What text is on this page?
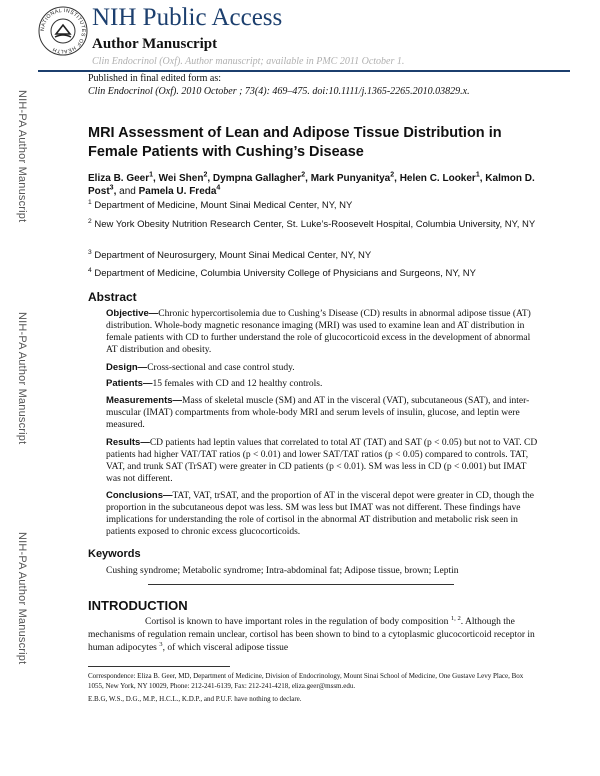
NIH-PA Author Manuscript
NIH-PA Author Manuscript
NIH-PA Author Manuscript
NATIONAL INSTITUTES OF HEALTH
NIH Public Access
Author Manuscript
Clin Endocrinol (Oxf). Author manuscript; available in PMC 2011 October 1.
Published in final edited form as:
Clin Endocrinol (Oxf). 2010 October ; 73(4): 469–475. doi:10.1111/j.1365-2265.2010.03829.x.
MRI Assessment of Lean and Adipose Tissue Distribution in Female Patients with Cushing’s Disease
Eliza B. Geer$^1$, Wei Shen$^2$, Dympna Gallagher$^2$, Mark Punyanitya$^2$, Helen C. Looker$^1$, Kalmon D. Post$^3$, and Pamela U. Freda$^4$
$^1$ Department of Medicine, Mount Sinai Medical Center, NY, NY
$^2$ New York Obesity Nutrition Research Center, St. Luke’s-Roosevelt Hospital, Columbia University, NY, NY
$^3$ Department of Neurosurgery, Mount Sinai Medical Center, NY, NY
$^4$ Department of Medicine, Columbia University College of Physicians and Surgeons, NY, NY
Abstract
Objective—Chronic hypercortisolemia due to Cushing’s Disease (CD) results in abnormal adipose tissue (AT) distribution. Whole-body magnetic resonance imaging (MRI) was used to examine lean and AT distribution in female patients with CD to further understand the role of glucocorticoid excess in the development of abnormal AT distribution and obesity.
Design—Cross-sectional and case control study.
Patients—15 females with CD and 12 healthy controls.
Measurements—Mass of skeletal muscle (SM) and AT in the visceral (VAT), subcutaneous (SAT), and inter-muscular (IMAT) compartments from whole-body MRI and serum levels of insulin, glucose, and leptin were measured.
Results—CD patients had leptin values that correlated to total AT (TAT) and SAT (p < 0.05) but not to VAT. CD patients had higher VAT/TAT ratios (p < 0.01) and lower SAT/TAT ratios (p < 0.05) compared to controls. TAT, VAT, and trunk SAT (TrSAT) were greater in CD patients (p < 0.01). SM was less in CD (p < 0.001) but IMAT was not different.
Conclusions—TAT, VAT, trSAT, and the proportion of AT in the visceral depot were greater in CD, though the proportion in the subcutaneous depot was less. SM was less but IMAT was not different. These findings have implications for understanding the role of cortisol in the abnormal AT distribution and metabolic risk seen in patients exposed to chronic excess glucocorticoids.
Keywords
Cushing syndrome; Metabolic syndrome; Intra-abdominal fat; Adipose tissue, brown; Leptin
INTRODUCTION
Cortisol is known to have important roles in the regulation of body composition $^{1, 2}$. Although the mechanisms of regulation remain unclear, cortisol has been shown to bind to a cytoplasmic glucocorticoid receptor in human adipocytes $^3$, of which visceral adipose tissue
Correspondence: Eliza B. Geer, MD, Department of Medicine, Division of Endocrinology, Mount Sinai School of Medicine, One Gustave Levy Place, Box 1055, New York, NY 10029, Phone: 212-241-6139, Fax: 212-241-4218, eliza.geer@mssm.edu.
E.B.G, W.S., D.G., M.P., H.C.L., K.D.P., and P.U.F. have nothing to declare.
